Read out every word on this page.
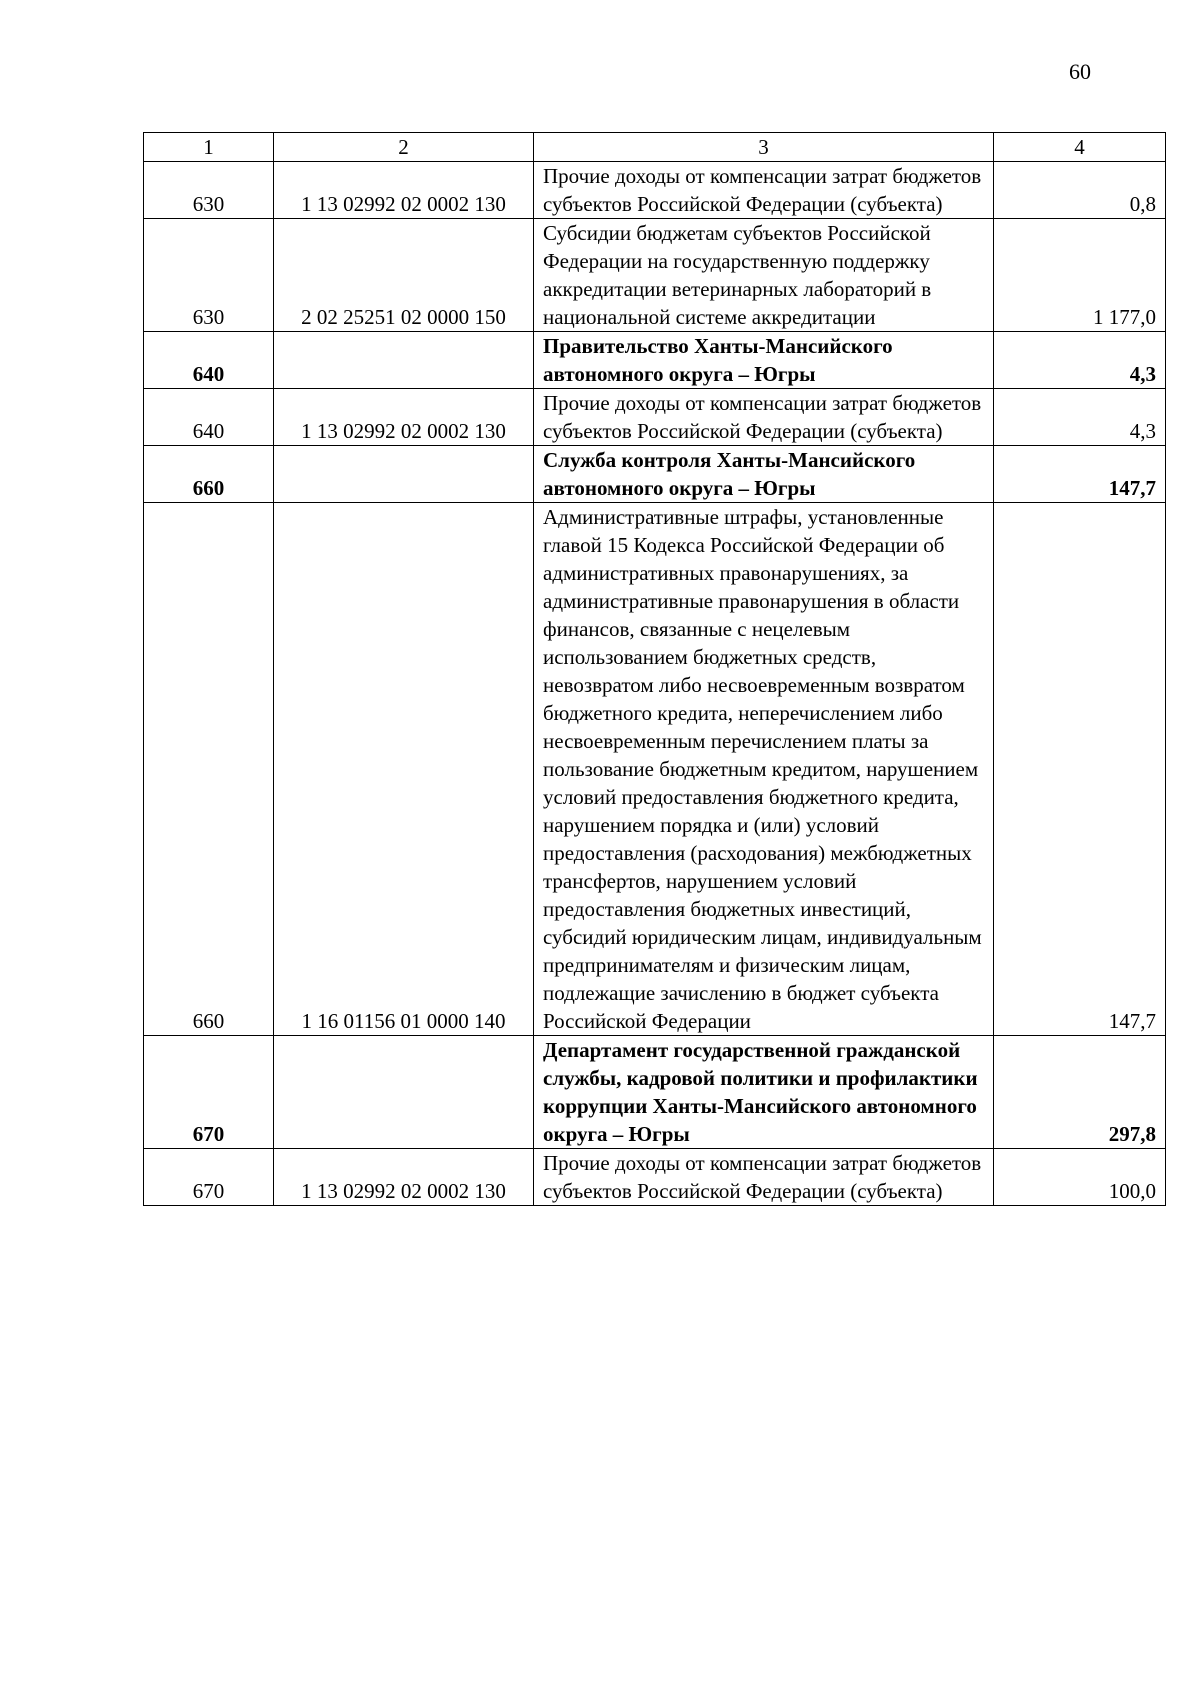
60
1	2	3	4
630	1 13 02992 02 0002 130	Прочие доходы от компенсации затрат бюджетов субъектов Российской Федерации (субъекта)	0,8
630	2 02 25251 02 0000 150	Субсидии бюджетам субъектов Российской Федерации на государственную поддержку аккредитации ветеринарных лабораторий в национальной системе аккредитации	1 177,0
640		Правительство Ханты-Мансийского автономного округа – Югры	4,3
640	1 13 02992 02 0002 130	Прочие доходы от компенсации затрат бюджетов субъектов Российской Федерации (субъекта)	4,3
660		Служба контроля Ханты-Мансийского автономного округа – Югры	147,7
660	1 16 01156 01 0000 140	Административные штрафы, установленные главой 15 Кодекса Российской Федерации об административных правонарушениях, за административные правонарушения в области финансов, связанные с нецелевым использованием бюджетных средств, невозвратом либо несвоевременным возвратом бюджетного кредита, неперечислением либо несвоевременным перечислением платы за пользование бюджетным кредитом, нарушением условий предоставления бюджетного кредита, нарушением порядка и (или) условий предоставления (расходования) межбюджетных трансфертов, нарушением условий предоставления бюджетных инвестиций, субсидий юридическим лицам, индивидуальным предпринимателям и физическим лицам, подлежащие зачислению в бюджет субъекта Российской Федерации	147,7
670		Департамент государственной гражданской службы, кадровой политики и профилактики коррупции Ханты-Мансийского автономного округа – Югры	297,8
670	1 13 02992 02 0002 130	Прочие доходы от компенсации затрат бюджетов субъектов Российской Федерации (субъекта)	100,0
